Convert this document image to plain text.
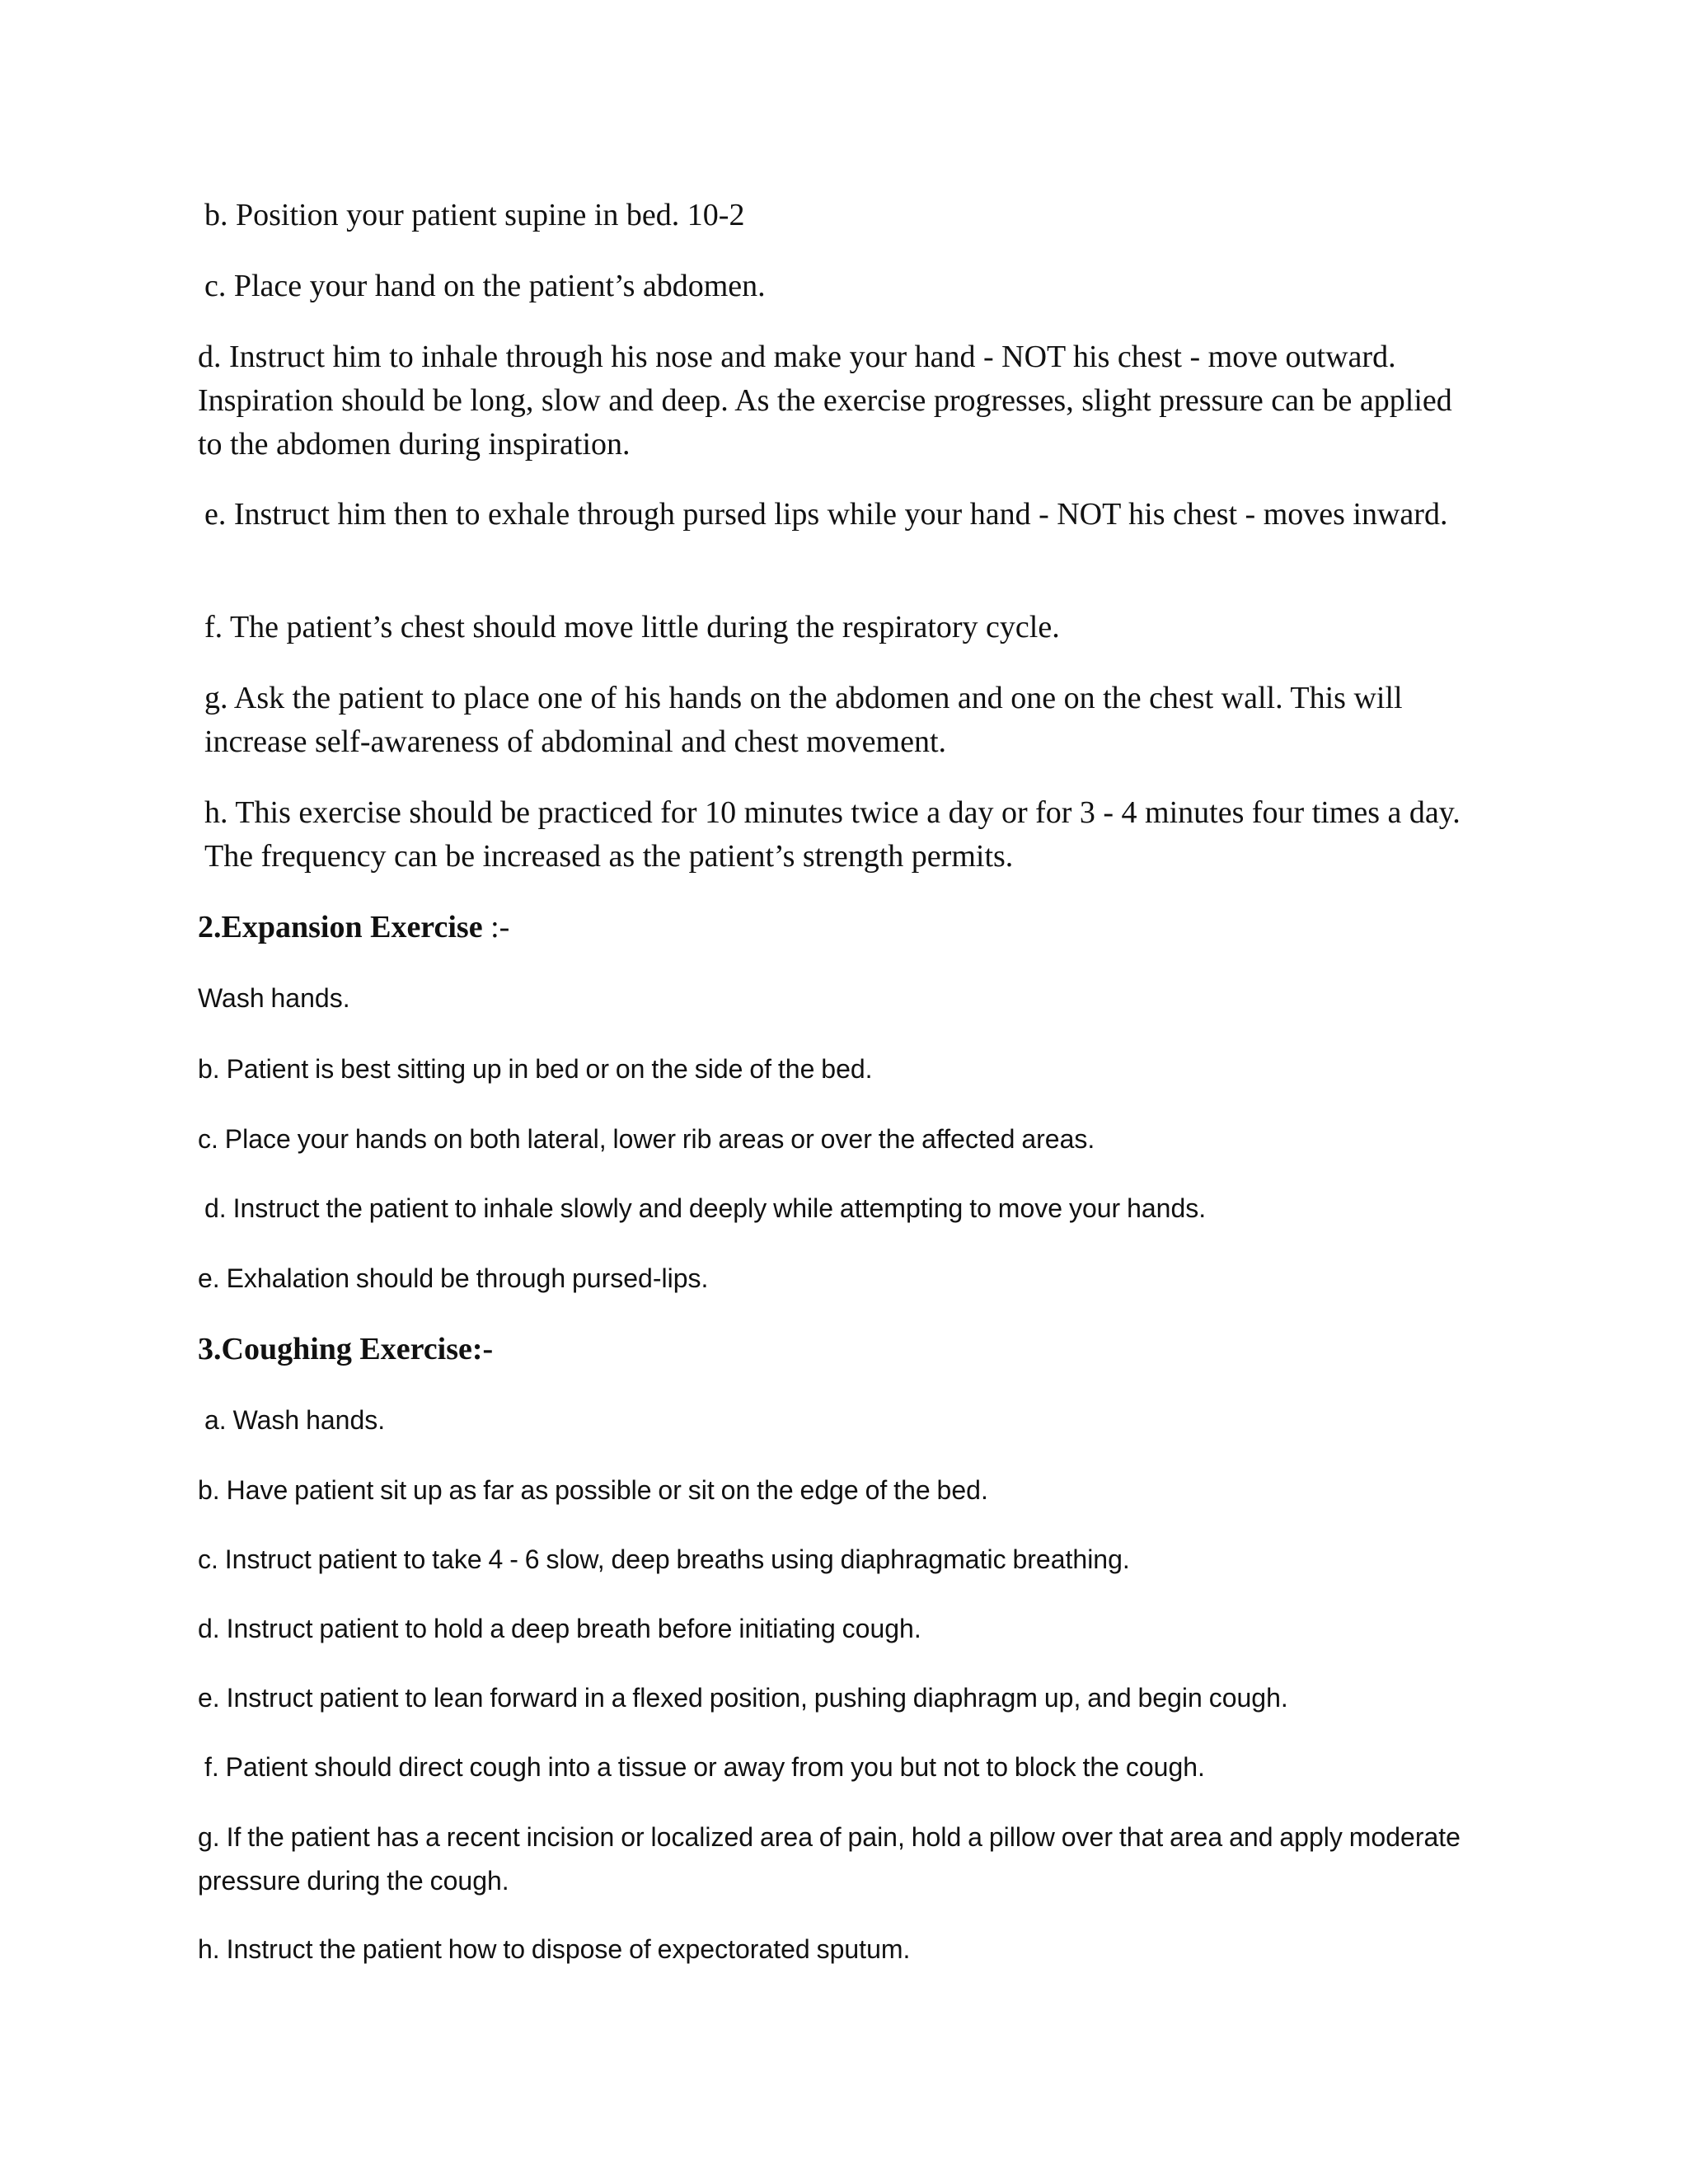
b. Position your patient supine in bed. 10-2

c. Place your hand on the patient’s abdomen.

d. Instruct him to inhale through his nose and make your hand - NOT his chest - move outward. Inspiration should be long, slow and deep. As the exercise progresses, slight pressure can be applied to the abdomen during inspiration.

e. Instruct him then to exhale through pursed lips while your hand - NOT his chest - moves inward.

f. The patient’s chest should move little during the respiratory cycle.

g. Ask the patient to place one of his hands on the abdomen and one on the chest wall. This will increase self-awareness of abdominal and chest movement.

h. This exercise should be practiced for 10 minutes twice a day or for 3 - 4 minutes four times a day. The frequency can be increased as the patient’s strength permits.

2.Expansion Exercise :-

Wash hands.

b. Patient is best sitting up in bed or on the side of the bed.

c. Place your hands on both lateral, lower rib areas or over the affected areas.

d. Instruct the patient to inhale slowly and deeply while attempting to move your hands.

e. Exhalation should be through pursed-lips.

3.Coughing Exercise:-

a. Wash hands.

b. Have patient sit up as far as possible or sit on the edge of the bed.

c. Instruct patient to take 4 - 6 slow, deep breaths using diaphragmatic breathing.

d. Instruct patient to hold a deep breath before initiating cough.

e. Instruct patient to lean forward in a flexed position, pushing diaphragm up, and begin cough.

f. Patient should direct cough into a tissue or away from you but not to block the cough.

g. If the patient has a recent incision or localized area of pain, hold a pillow over that area and apply moderate pressure during the cough.

h. Instruct the patient how to dispose of expectorated sputum.
